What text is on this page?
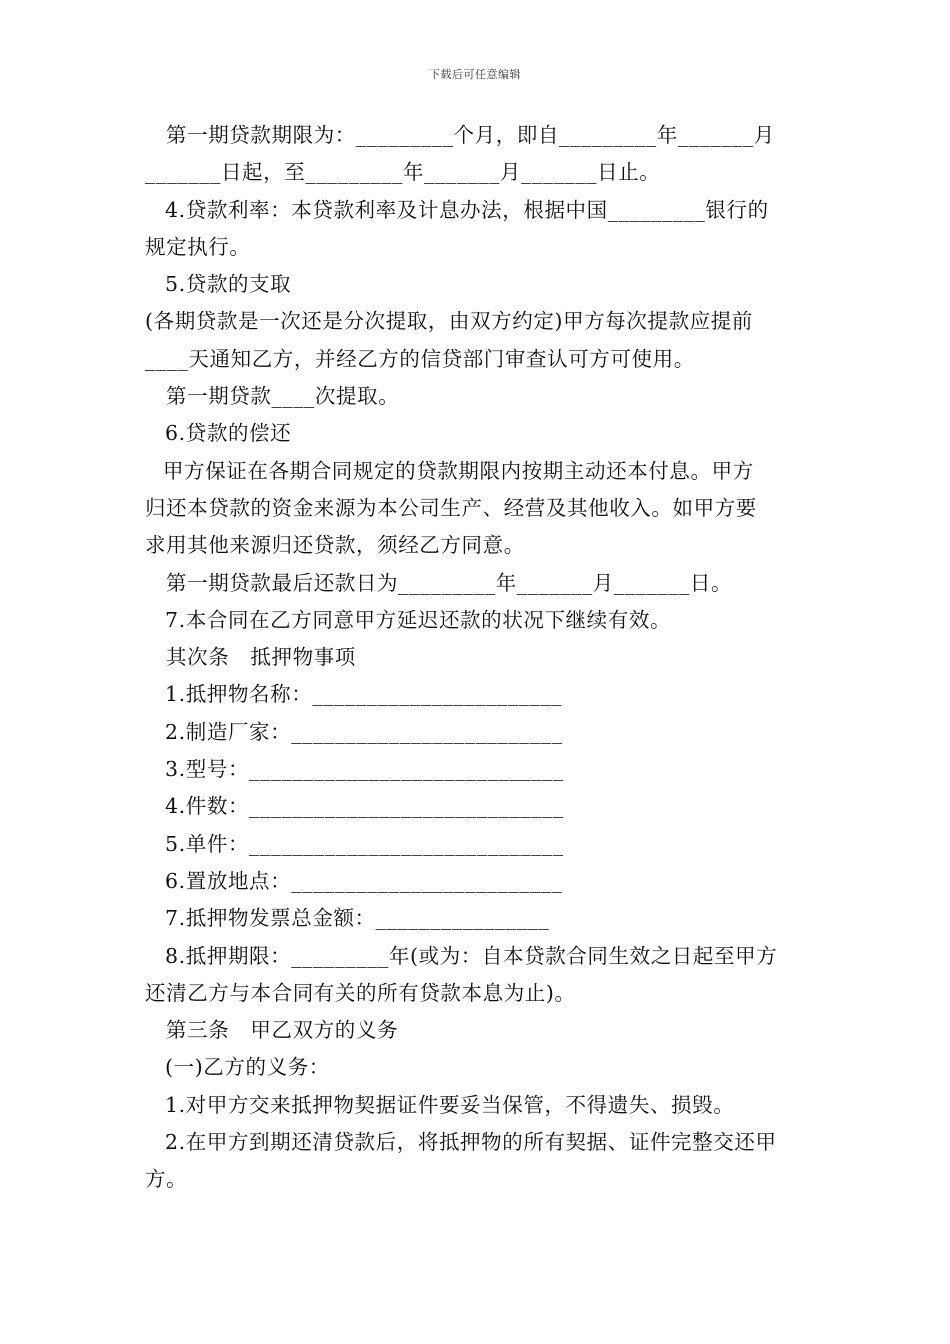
下载后可任意编辑

第一期贷款期限为：_________个月，即自_________年_______月

_______日起，至_________年_______月_______日止。

4.贷款利率：本贷款利率及计息办法，根据中国_________银行的

规定执行。

5.贷款的支取

(各期贷款是一次还是分次提取，由双方约定)甲方每次提款应提前

____天通知乙方，并经乙方的信贷部门审查认可方可使用。

第一期贷款____次提取。

6.贷款的偿还

甲方保证在各期合同规定的贷款期限内按期主动还本付息。甲方

归还本贷款的资金来源为本公司生产、经营及其他收入。如甲方要

求用其他来源归还贷款，须经乙方同意。

第一期贷款最后还款日为_________年_______月_______日。

7.本合同在乙方同意甲方延迟还款的状况下继续有效。

其次条　抵押物事项

1.抵押物名称：_______________________

2.制造厂家：_________________________

3.型号：_____________________________

4.件数：_____________________________

5.单件：_____________________________

6.置放地点：_________________________

7.抵押物发票总金额：________________

8.抵押期限：_________年(或为：自本贷款合同生效之日起至甲方

还清乙方与本合同有关的所有贷款本息为止)。

第三条　甲乙双方的义务

(一)乙方的义务：

1.对甲方交来抵押物契据证件要妥当保管，不得遗失、损毁。

2.在甲方到期还清贷款后，将抵押物的所有契据、证件完整交还甲

方。
